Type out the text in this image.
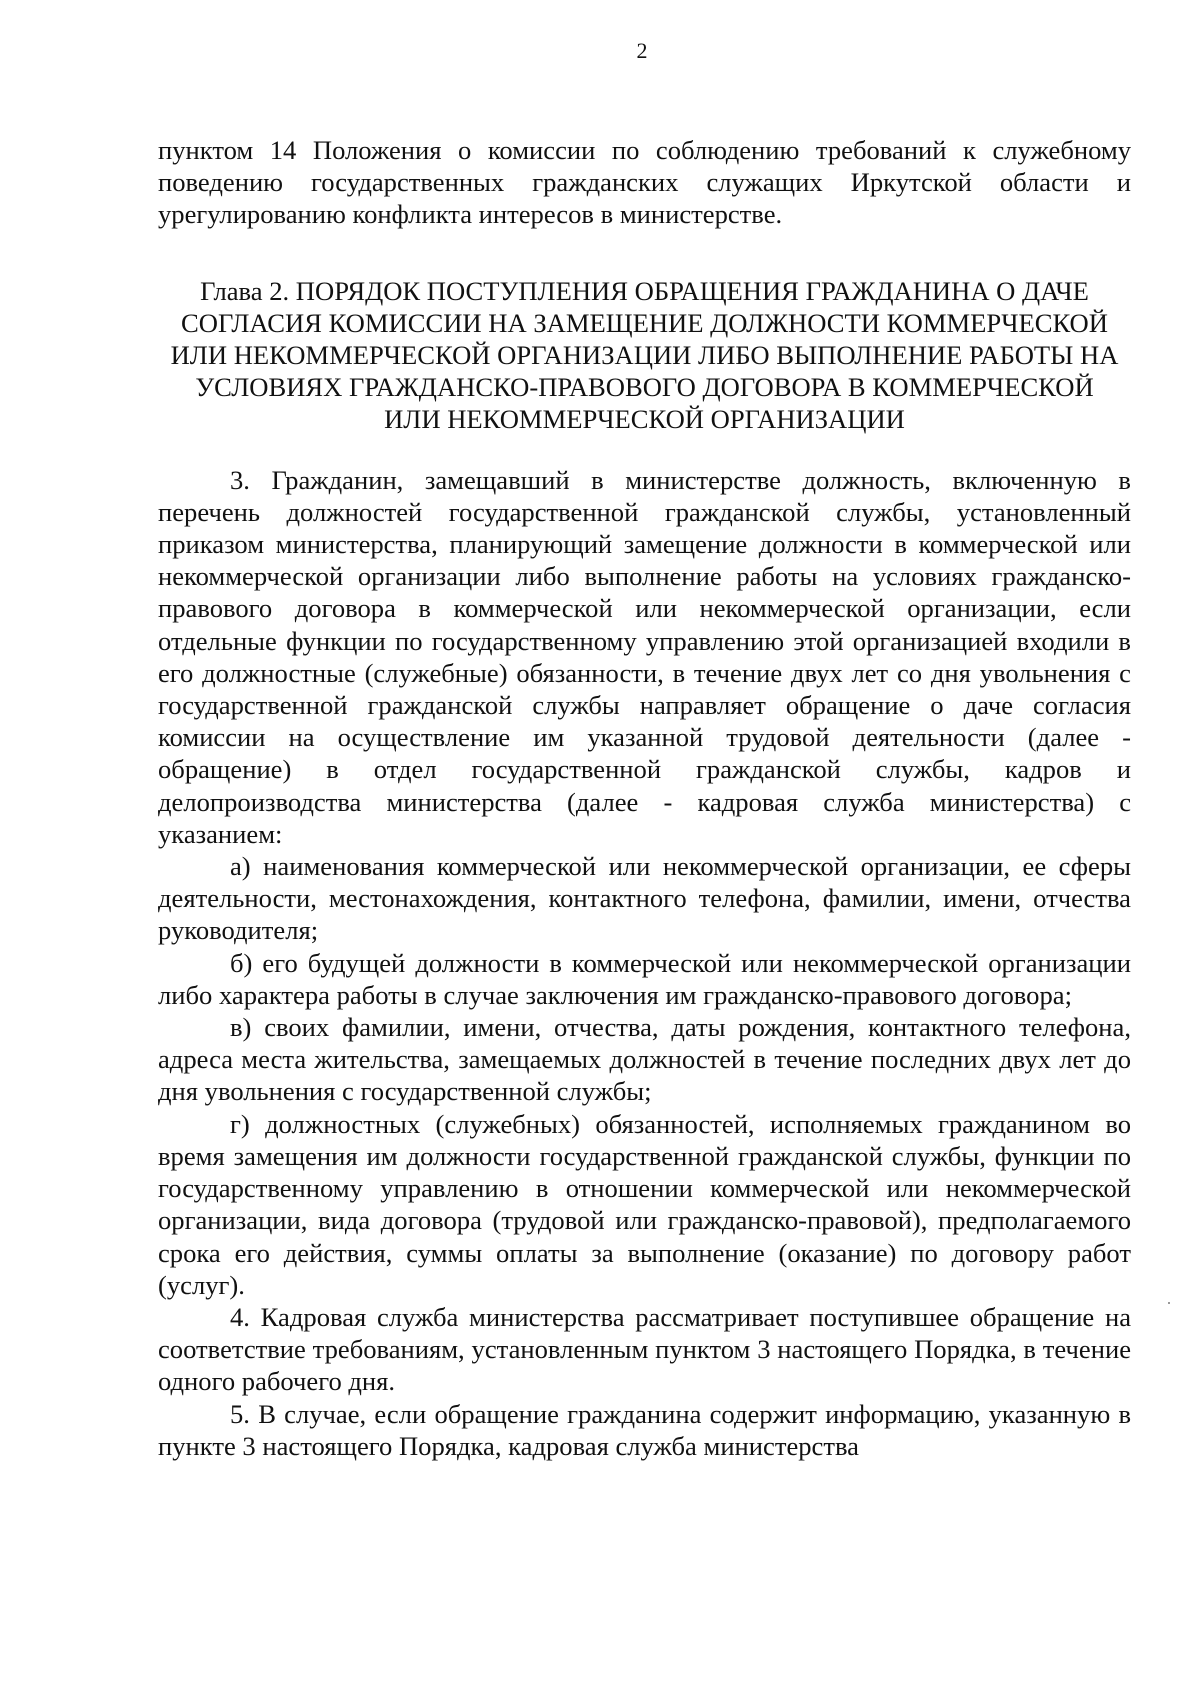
2

пунктом 14 Положения о комиссии по соблюдению требований к служебному поведению государственных гражданских служащих Иркутской области и урегулированию конфликта интересов в министерстве.

Глава 2. ПОРЯДОК ПОСТУПЛЕНИЯ ОБРАЩЕНИЯ ГРАЖДАНИНА О ДАЧЕ СОГЛАСИЯ КОМИССИИ НА ЗАМЕЩЕНИЕ ДОЛЖНОСТИ КОММЕРЧЕСКОЙ ИЛИ НЕКОММЕРЧЕСКОЙ ОРГАНИЗАЦИИ ЛИБО ВЫПОЛНЕНИЕ РАБОТЫ НА УСЛОВИЯХ ГРАЖДАНСКО-ПРАВОВОГО ДОГОВОРА В КОММЕРЧЕСКОЙ ИЛИ НЕКОММЕРЧЕСКОЙ ОРГАНИЗАЦИИ

3. Гражданин, замещавший в министерстве должность, включенную в перечень должностей государственной гражданской службы, установленный приказом министерства, планирующий замещение должности в коммерческой или некоммерческой организации либо выполнение работы на условиях гражданско-правового договора в коммерческой или некоммерческой организации, если отдельные функции по государственному управлению этой организацией входили в его должностные (служебные) обязанности, в течение двух лет со дня увольнения с государственной гражданской службы направляет обращение о даче согласия комиссии на осуществление им указанной трудовой деятельности (далее - обращение) в отдел государственной гражданской службы, кадров и делопроизводства министерства (далее - кадровая служба министерства) с указанием:

а) наименования коммерческой или некоммерческой организации, ее сферы деятельности, местонахождения, контактного телефона, фамилии, имени, отчества руководителя;

б) его будущей должности в коммерческой или некоммерческой организации либо характера работы в случае заключения им гражданско-правового договора;

в) своих фамилии, имени, отчества, даты рождения, контактного телефона, адреса места жительства, замещаемых должностей в течение последних двух лет до дня увольнения с государственной службы;

г) должностных (служебных) обязанностей, исполняемых гражданином во время замещения им должности государственной гражданской службы, функции по государственному управлению в отношении коммерческой или некоммерческой организации, вида договора (трудовой или гражданско-правовой), предполагаемого срока его действия, суммы оплаты за выполнение (оказание) по договору работ (услуг).

4. Кадровая служба министерства рассматривает поступившее обращение на соответствие требованиям, установленным пунктом 3 настоящего Порядка, в течение одного рабочего дня.

5. В случае, если обращение гражданина содержит информацию, указанную в пункте 3 настоящего Порядка, кадровая служба министерства
